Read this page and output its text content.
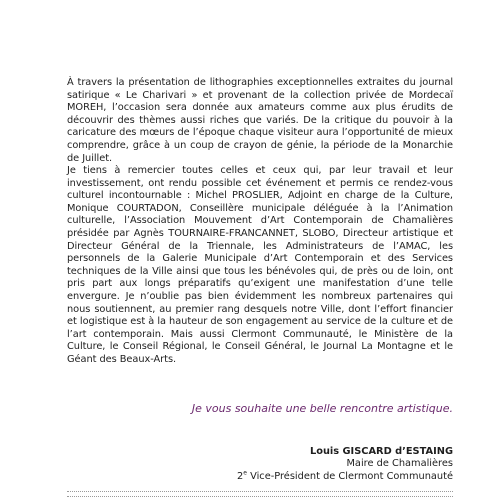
À travers la présentation de lithographies exceptionnelles extraites du journal satirique « Le Charivari » et provenant de la collection privée de Mordecaï MOREH, l’occasion sera donnée aux amateurs comme aux plus érudits de découvrir des thèmes aussi riches que variés. De la critique du pouvoir à la caricature des mœurs de l’époque chaque visiteur aura l’opportunité de mieux comprendre, grâce à un coup de crayon de génie, la période de la Monarchie de Juillet.

Je tiens à remercier toutes celles et ceux qui, par leur travail et leur investissement, ont rendu possible cet événement et permis ce rendez-vous culturel incontournable : Michel PROSLIER, Adjoint en charge de la Culture, Monique COURTADON, Conseillère municipale déléguée à la l’Animation culturelle, l’Association Mouvement d’Art Contemporain de Chamalières présidée par Agnès TOURNAIRE-FRANCANNET, SLOBO, Directeur artistique et Directeur Général de la Triennale, les Administrateurs de l’AMAC, les personnels de la Galerie Municipale d’Art Contemporain et des Services techniques de la Ville ainsi que tous les bénévoles qui, de près ou de loin, ont pris part aux longs préparatifs qu’exigent une manifestation d’une telle envergure. Je n’oublie pas bien évidemment les nombreux partenaires qui nous soutiennent, au premier rang desquels notre Ville, dont l’effort financier et logistique est à la hauteur de son engagement au service de la culture et de l’art contemporain. Mais aussi Clermont Communauté, le Ministère de la Culture, le Conseil Régional, le Conseil Général, le Journal La Montagne et le Géant des Beaux-Arts.

Je vous souhaite une belle rencontre artistique.

Louis GISCARD d’ESTAING
Maire de Chamalières
2e Vice-Président de Clermont Communauté
